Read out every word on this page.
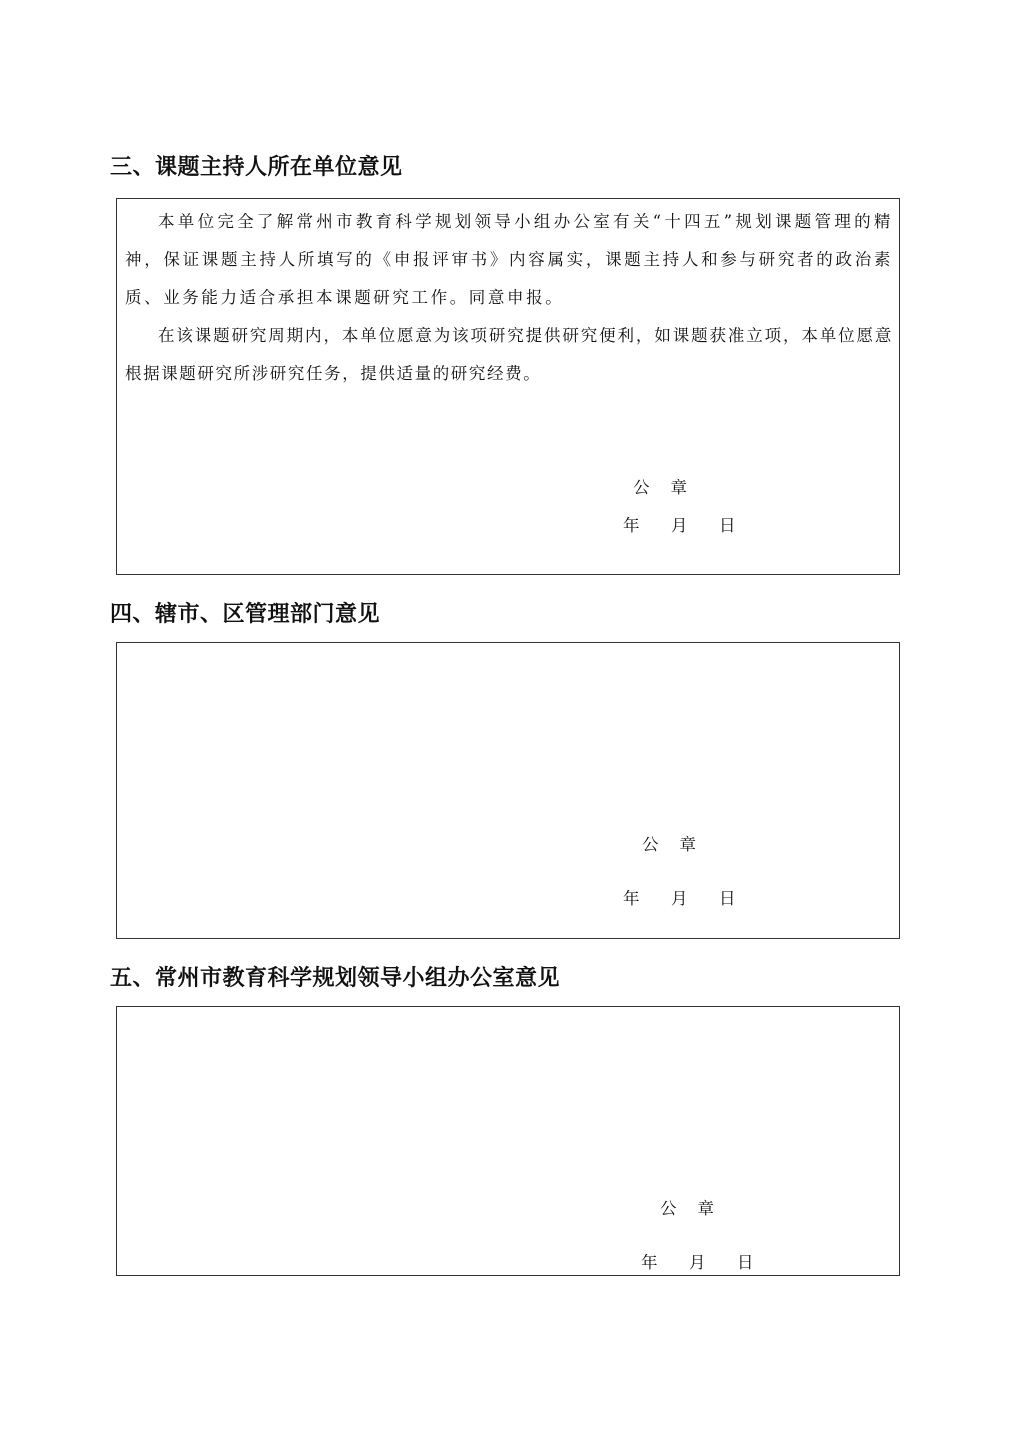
三、课题主持人所在单位意见

本单位完全了解常州市教育科学规划领导小组办公室有关“十四五”规划课题管理的精神，保证课题主持人所填写的《申报评审书》内容属实，课题主持人和参与研究者的政治素质、业务能力适合承担本课题研究工作。同意申报。

在该课题研究周期内，本单位愿意为该项研究提供研究便利，如课题获准立项，本单位愿意根据课题研究所涉研究任务，提供适量的研究经费。

公    章

年      月      日

四、辖市、区管理部门意见

公    章

年      月      日

五、常州市教育科学规划领导小组办公室意见

公    章

年      月      日
